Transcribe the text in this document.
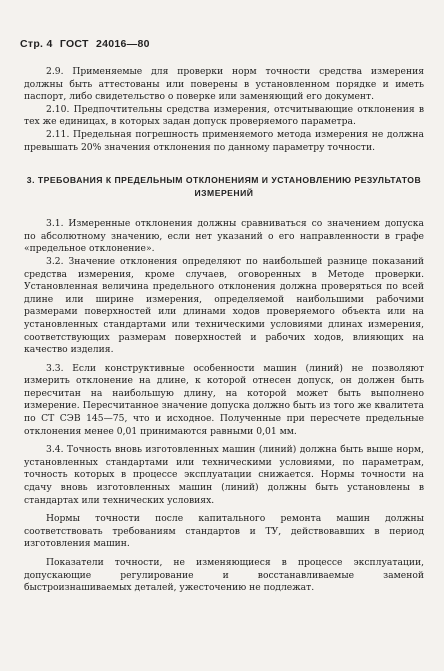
Стр. 4 ГОСТ 24016—80

2.9. Применяемые для проверки норм точности средства измерения должны быть аттестованы или поверены в установленном порядке и иметь паспорт, либо свидетельство о поверке или заменяющий его документ.

2.10. Предпочтительны средства измерения, отсчитывающие отклонения в тех же единицах, в которых задан допуск проверяемого параметра.

2.11. Предельная погрешность применяемого метода измерения не должна превышать 20% значения отклонения по данному параметру точности.

3. ТРЕБОВАНИЯ К ПРЕДЕЛЬНЫМ ОТКЛОНЕНИЯМ И УСТАНОВЛЕНИЮ РЕЗУЛЬТАТОВ ИЗМЕРЕНИЙ

3.1. Измеренные отклонения должны сравниваться со значением допуска по абсолютному значению, если нет указаний о его направленности в графе «предельное отклонение».

3.2. Значение отклонения определяют по наибольшей разнице показаний средства измерения, кроме случаев, оговоренных в Методе проверки. Установленная величина предельного отклонения должна проверяться по всей длине или ширине измерения, определяемой наибольшими рабочими размерами поверхностей или длинами ходов проверяемого объекта или на установленных стандартами или техническими условиями длинах измерения, соответствующих размерам поверхностей и рабочих ходов, влияющих на качество изделия.

3.3. Если конструктивные особенности машин (линий) не позволяют измерить отклонение на длине, к которой отнесен допуск, он должен быть пересчитан на наибольшую длину, на которой может быть выполнено измерение. Пересчитанное значение допуска должно быть из того же квалитета по СТ СЭВ 145—75, что и исходное. Полученные при пересчете предельные отклонения менее 0,01 принимаются равными 0,01 мм.

3.4. Точность вновь изготовленных машин (линий) должна быть выше норм, установленных стандартами или техническими условиями, по параметрам, точность которых в процессе эксплуатации снижается. Нормы точности на сдачу вновь изготовленных машин (линий) должны быть установлены в стандартах или технических условиях.

Нормы точности после капитального ремонта машин должны соответствовать требованиям стандартов и ТУ, действовавших в период изготовления машин.

Показатели точности, не изменяющиеся в процессе эксплуатации, допускающие регулирование и восстанавливаемые заменой быстроизнашиваемых деталей, ужесточению не подлежат.
